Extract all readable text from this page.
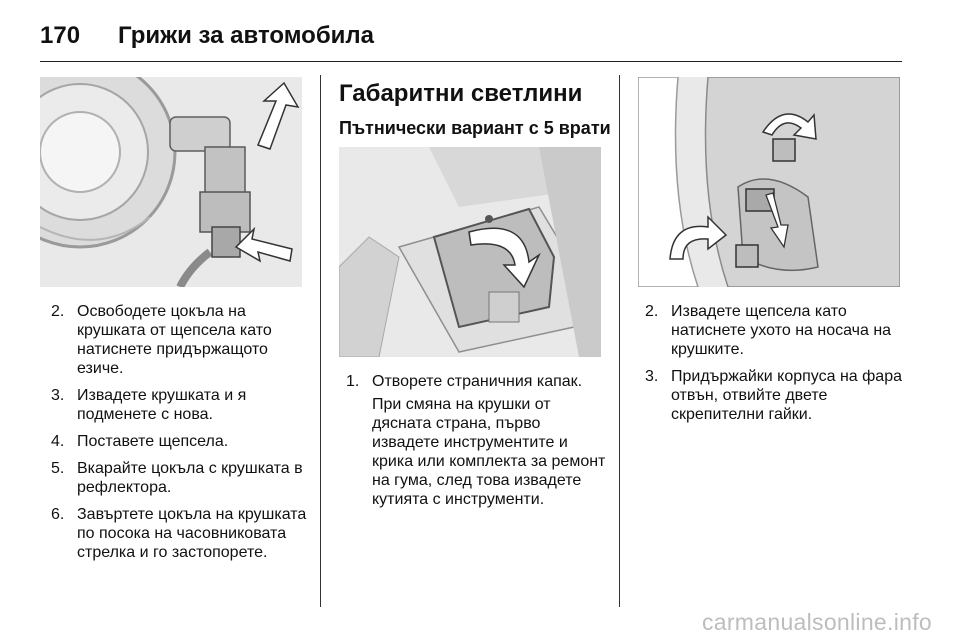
170	Грижи за автомобила
2. Освободете цокъла на крушката от щепсела като натиснете придържащото езиче.
3. Извадете крушката и я подменете с нова.
4. Поставете щепсела.
5. Вкарайте цокъла с крушката в рефлектора.
6. Завъртете цокъла на крушката по посока на часовниковата стрелка и го застопорете.
Габаритни светлини
Пътнически вариант с 5 врати
1. Отворете страничния капак.
При смяна на крушки от дясната страна, първо извадете инструментите и крика или комплекта за ремонт на гума, след това извадете кутията с инструменти.
2. Извадете щепсела като натиснете ухото на носача на крушките.
3. Придържайки корпуса на фара отвън, отвийте двете скрепителни гайки.
carmanualsonline.info
